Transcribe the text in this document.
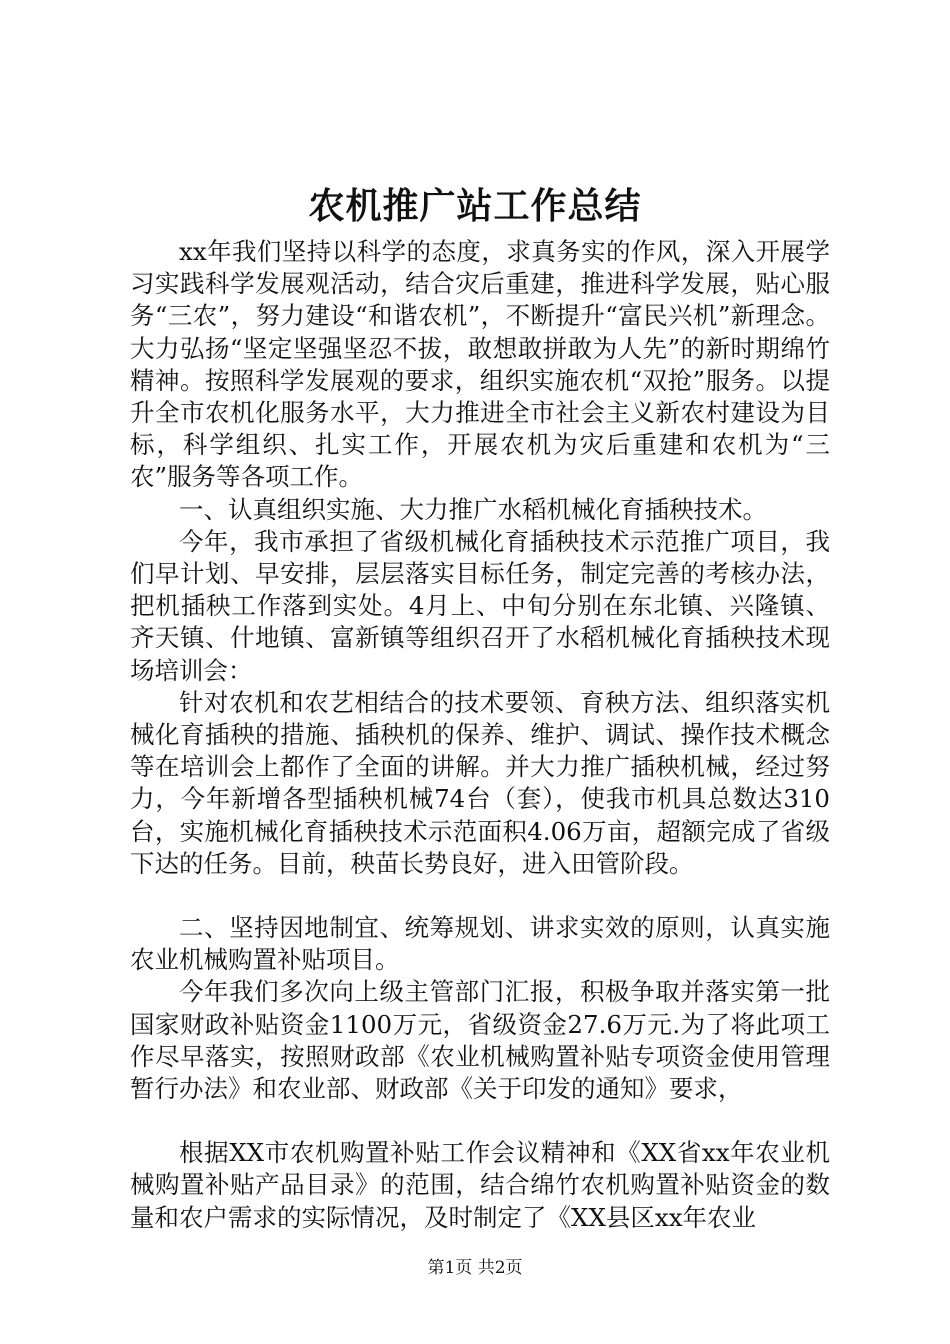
农机推广站工作总结

xx年我们坚持以科学的态度，求真务实的作风，深入开展学习实践科学发展观活动，结合灾后重建，推进科学发展，贴心服务“三农”，努力建设“和谐农机”，不断提升“富民兴机”新理念。大力弘扬“坚定坚强坚忍不拔，敢想敢拼敢为人先”的新时期绵竹精神。按照科学发展观的要求，组织实施农机“双抢”服务。以提升全市农机化服务水平，大力推进全市社会主义新农村建设为目标，科学组织、扎实工作，开展农机为灾后重建和农机为“三农”服务等各项工作。

一、认真组织实施、大力推广水稻机械化育插秧技术。

今年，我市承担了省级机械化育插秧技术示范推广项目，我们早计划、早安排，层层落实目标任务，制定完善的考核办法，把机插秧工作落到实处。4月上、中旬分别在东北镇、兴隆镇、齐天镇、什地镇、富新镇等组织召开了水稻机械化育插秧技术现场培训会：

针对农机和农艺相结合的技术要领、育秧方法、组织落实机械化育插秧的措施、插秧机的保养、维护、调试、操作技术概念等在培训会上都作了全面的讲解。并大力推广插秧机械，经过努力，今年新增各型插秧机械74台（套），使我市机具总数达310台，实施机械化育插秧技术示范面积4.06万亩，超额完成了省级下达的任务。目前，秧苗长势良好，进入田管阶段。

二、坚持因地制宜、统筹规划、讲求实效的原则，认真实施农业机械购置补贴项目。

今年我们多次向上级主管部门汇报，积极争取并落实第一批国家财政补贴资金1100万元，省级资金27.6万元.为了将此项工作尽早落实，按照财政部《农业机械购置补贴专项资金使用管理暂行办法》和农业部、财政部《关于印发的通知》要求，

根据XX市农机购置补贴工作会议精神和《XX省xx年农业机械购置补贴产品目录》的范围，结合绵竹农机购置补贴资金的数量和农户需求的实际情况，及时制定了《XX县区xx年农业

第1页 共2页
